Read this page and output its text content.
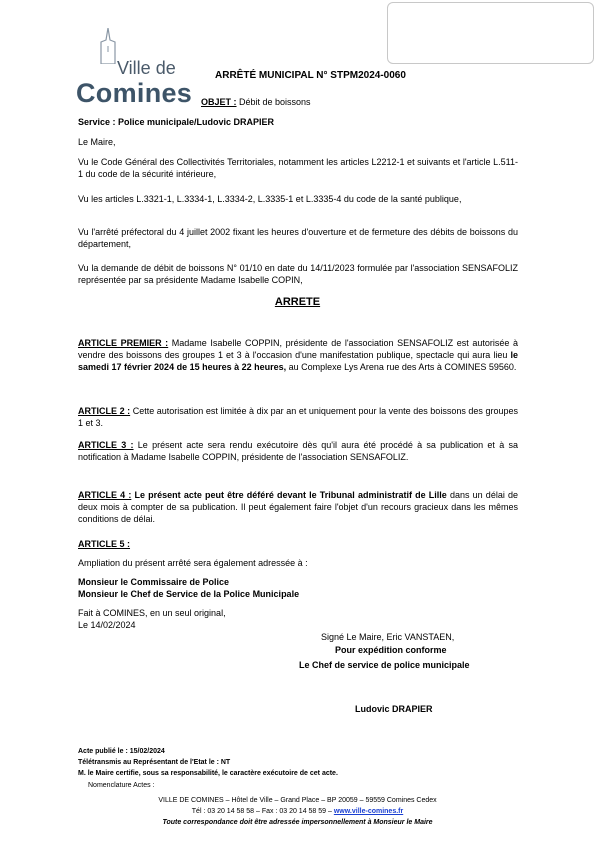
Ville de
Comines
ARRÊTÉ MUNICIPAL N° STPM2024-0060
OBJET : Débit de boissons
Service : Police municipale/Ludovic DRAPIER
Le Maire,
Vu le Code Général des Collectivités Territoriales, notamment les articles L2212-1 et suivants et l'article L.511-1 du code de la sécurité intérieure,
Vu les articles L.3321-1, L.3334-1, L.3334-2, L.3335-1 et L.3335-4 du code de la santé publique,
Vu l'arrêté préfectoral du 4 juillet 2002 fixant les heures d'ouverture et de fermeture des débits de boissons du département,
Vu la demande de débit de boissons N° 01/10 en date du 14/11/2023 formulée par l'association SENSAFOLIZ représentée par sa présidente Madame Isabelle COPIN,
ARRETE
ARTICLE PREMIER : Madame Isabelle COPPIN, présidente de l'association SENSAFOLIZ est autorisée à vendre des boissons des groupes 1 et 3 à l'occasion d'une manifestation publique, spectacle qui aura lieu le samedi 17 février 2024 de 15 heures à 22 heures, au Complexe Lys Arena rue des Arts à COMINES 59560.
ARTICLE 2 : Cette autorisation est limitée à dix par an et uniquement pour la vente des boissons des groupes 1 et 3.
ARTICLE 3 : Le présent acte sera rendu exécutoire dès qu'il aura été procédé à sa publication et à sa notification à Madame Isabelle COPPIN, présidente de l'association SENSAFOLIZ.
ARTICLE 4 : Le présent acte peut être déféré devant le Tribunal administratif de Lille dans un délai de deux mois à compter de sa publication. Il peut également faire l'objet d'un recours gracieux dans les mêmes conditions de délai.
ARTICLE 5 :
Ampliation du présent arrêté sera également adressée à :
Monsieur le Commissaire de Police
Monsieur le Chef de Service de la Police Municipale
Fait à COMINES, en un seul original,
Le 14/02/2024
Signé Le Maire, Eric VANSTAEN,
Pour expédition conforme
Le Chef de service de police municipale
Ludovic DRAPIER
Acte publié le : 15/02/2024
Télétransmis au Représentant de l'Etat le : NT
M. le Maire certifie, sous sa responsabilité, le caractère exécutoire de cet acte.
Nomenclature Actes :
VILLE DE COMINES – Hôtel de Ville – Grand Place – BP 20059 – 59559 Comines Cedex
Tél : 03 20 14 58 58 – Fax : 03 20 14 58 59 – www.ville-comines.fr
Toute correspondance doit être adressée impersonnellement à Monsieur le Maire
